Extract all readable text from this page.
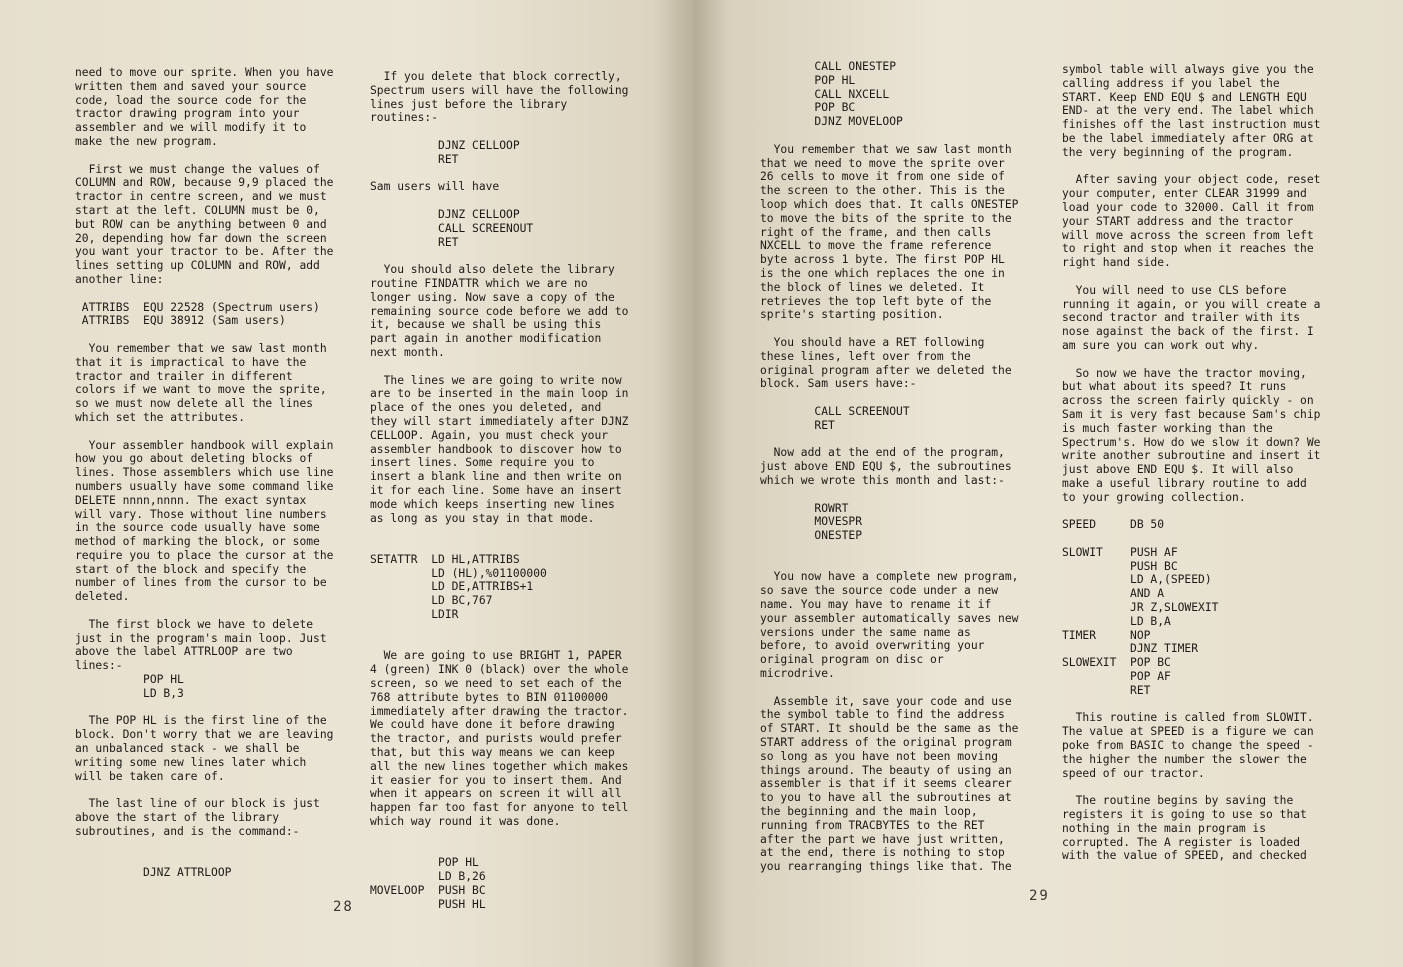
need to move our sprite. When you have
written them and saved your source
code, load the source code for the
tractor drawing program into your
assembler and we will modify it to
make the new program.

First we must change the values of
COLUMN and ROW, because 9,9 placed the
tractor in centre screen, and we must
start at the left. COLUMN must be 0,
but ROW can be anything between 0 and
20, depending how far down the screen
you want your tractor to be. After the
lines setting up COLUMN and ROW, add
another line:

ATTRIBS  EQU 22528 (Spectrum users)
ATTRIBS  EQU 38912 (Sam users)

You remember that we saw last month
that it is impractical to have the
tractor and trailer in different
colors if we want to move the sprite,
so we must now delete all the lines
which set the attributes.

Your assembler handbook will explain
how you go about deleting blocks of
lines. Those assemblers which use line
numbers usually have some command like
DELETE nnnn,nnnn. The exact syntax
will vary. Those without line numbers
in the source code usually have some
method of marking the block, or some
require you to place the cursor at the
start of the block and specify the
number of lines from the cursor to be
deleted.

The first block we have to delete
just in the program's main loop. Just
above the label ATTRLOOP are two
lines:-
POP HL
LD B,3

The POP HL is the first line of the
block. Don't worry that we are leaving
an unbalanced stack - we shall be
writing some new lines later which
will be taken care of.

The last line of our block is just
above the start of the library
subroutines, and is the command:-

DJNZ ATTRLOOP
If you delete that block correctly,
Spectrum users will have the following
lines just before the library
routines:-

DJNZ CELLOOP
RET

Sam users will have

DJNZ CELLOOP
CALL SCREENOUT
RET

You should also delete the library
routine FINDATTR which we are no
longer using. Now save a copy of the
remaining source code before we add to
it, because we shall be using this
part again in another modification
next month.

The lines we are going to write now
are to be inserted in the main loop in
place of the ones you deleted, and
they will start immediately after DJNZ
CELLOOP. Again, you must check your
assembler handbook to discover how to
insert lines. Some require you to
insert a blank line and then write on
it for each line. Some have an insert
mode which keeps inserting new lines
as long as you stay in that mode.

SETATTR  LD HL,ATTRIBS
LD (HL),%01100000
LD DE,ATTRIBS+1
LD BC,767
LDIR

We are going to use BRIGHT 1, PAPER
4 (green) INK 0 (black) over the whole
screen, so we need to set each of the
768 attribute bytes to BIN 01100000
immediately after drawing the tractor.
We could have done it before drawing
the tractor, and purists would prefer
that, but this way means we can keep
all the new lines together which makes
it easier for you to insert them. And
when it appears on screen it will all
happen far too fast for anyone to tell
which way round it was done.

POP HL
LD B,26
MOVELOOP  PUSH BC
PUSH HL
28

CALL ONESTEP
POP HL
CALL NXCELL
POP BC
DJNZ MOVELOOP

You remember that we saw last month
that we need to move the sprite over
26 cells to move it from one side of
the screen to the other. This is the
loop which does that. It calls ONESTEP
to move the bits of the sprite to the
right of the frame, and then calls
NXCELL to move the frame reference
byte across 1 byte. The first POP HL
is the one which replaces the one in
the block of lines we deleted. It
retrieves the top left byte of the
sprite's starting position.

You should have a RET following
these lines, left over from the
original program after we deleted the
block. Sam users have:-

CALL SCREENOUT
RET

Now add at the end of the program,
just above END EQU $, the subroutines
which we wrote this month and last:-

ROWRT
MOVESPR
ONESTEP

You now have a complete new program,
so save the source code under a new
name. You may have to rename it if
your assembler automatically saves new
versions under the same name as
before, to avoid overwriting your
original program on disc or
microdrive.

Assemble it, save your code and use
the symbol table to find the address
of START. It should be the same as the
START address of the original program
so long as you have not been moving
things around. The beauty of using an
assembler is that if it seems clearer
to you to have all the subroutines at
the beginning and the main loop,
running from TRACBYTES to the RET
after the part we have just written,
at the end, there is nothing to stop
you rearranging things like that. The
symbol table will always give you the
calling address if you label the
START. Keep END EQU $ and LENGTH EQU
END- at the very end. The label which
finishes off the last instruction must
be the label immediately after ORG at
the very beginning of the program.

After saving your object code, reset
your computer, enter CLEAR 31999 and
load your code to 32000. Call it from
your START address and the tractor
will move across the screen from left
to right and stop when it reaches the
right hand side.

You will need to use CLS before
running it again, or you will create a
second tractor and trailer with its
nose against the back of the first. I
am sure you can work out why.

So now we have the tractor moving,
but what about its speed? It runs
across the screen fairly quickly - on
Sam it is very fast because Sam's chip
is much faster working than the
Spectrum's. How do we slow it down? We
write another subroutine and insert it
just above END EQU $. It will also
make a useful library routine to add
to your growing collection.

SPEED     DB 50

SLOWIT    PUSH AF
PUSH BC
LD A,(SPEED)
AND A
JR Z,SLOWEXIT
LD B,A
TIMER     NOP
DJNZ TIMER
SLOWEXIT  POP BC
POP AF
RET

This routine is called from SLOWIT.
The value at SPEED is a figure we can
poke from BASIC to change the speed -
the higher the number the slower the
speed of our tractor.

The routine begins by saving the
registers it is going to use so that
nothing in the main program is
corrupted. The A register is loaded
with the value of SPEED, and checked
29
